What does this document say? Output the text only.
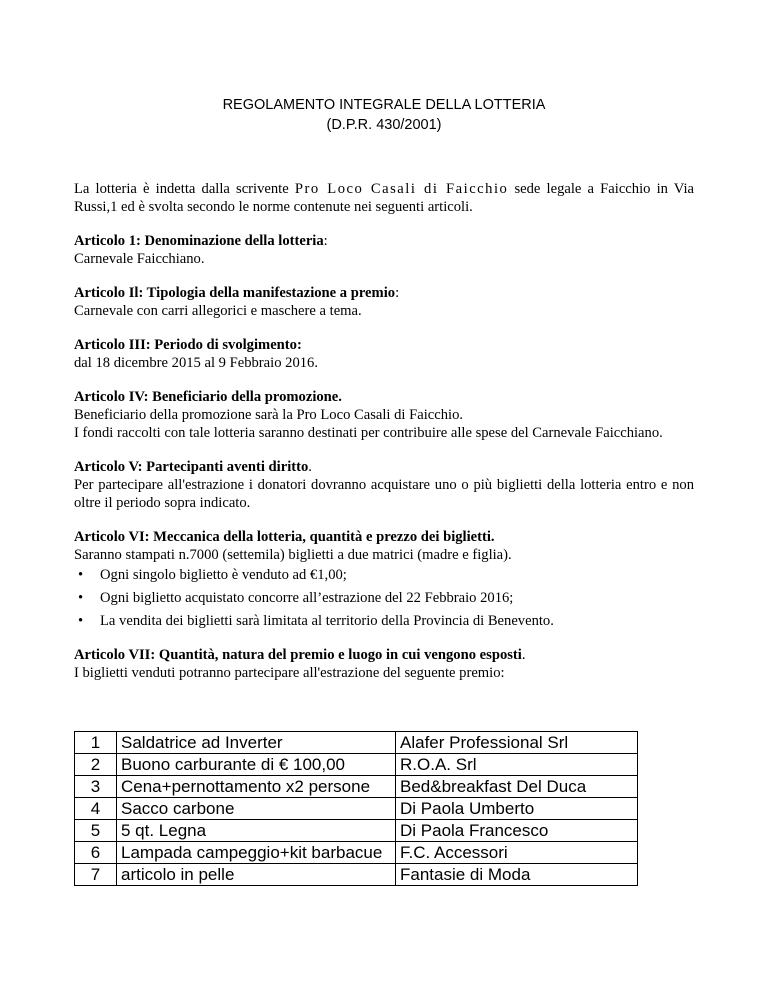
REGOLAMENTO INTEGRALE DELLA LOTTERIA
(D.P.R. 430/2001)

La lotteria è indetta dalla scrivente Pro Loco Casali di Faicchio sede legale a Faicchio in Via Russi,1 ed è svolta secondo le norme contenute nei seguenti articoli.

Articolo 1: Denominazione della lotteria:

Carnevale Faicchiano.

Articolo Il: Tipologia della manifestazione a premio:

Carnevale con carri allegorici e maschere a tema.

Articolo III: Periodo di svolgimento:

dal 18 dicembre 2015 al 9 Febbraio 2016.

Articolo IV: Beneficiario della promozione.

Beneficiario della promozione sarà la Pro Loco Casali di Faicchio.

I fondi raccolti con tale lotteria saranno destinati per contribuire alle spese del Carnevale Faicchiano.

Articolo V: Partecipanti aventi diritto.

Per partecipare all'estrazione i donatori dovranno acquistare uno o più biglietti della lotteria entro e non oltre il periodo sopra indicato.

Articolo VI: Meccanica della lotteria, quantità e prezzo dei biglietti.

Saranno stampati n.7000 (settemila) biglietti a due matrici (madre e figlia).

• Ogni singolo biglietto è venduto ad €1,00;
• Ogni biglietto acquistato concorre all’estrazione del 22 Febbraio 2016;
• La vendita dei biglietti sarà limitata al territorio della Provincia di Benevento.

Articolo VII: Quantità, natura del premio e luogo in cui vengono esposti.

I biglietti venduti potranno partecipare all'estrazione del seguente premio:

1	Saldatrice ad Inverter	Alafer Professional Srl
2	Buono carburante di € 100,00	R.O.A. Srl
3	Cena+pernottamento x2 persone	Bed&breakfast Del Duca
4	Sacco carbone	Di Paola Umberto
5	5 qt. Legna	Di Paola Francesco
6	Lampada campeggio+kit barbacue	F.C. Accessori
7	articolo in pelle	Fantasie di Moda
